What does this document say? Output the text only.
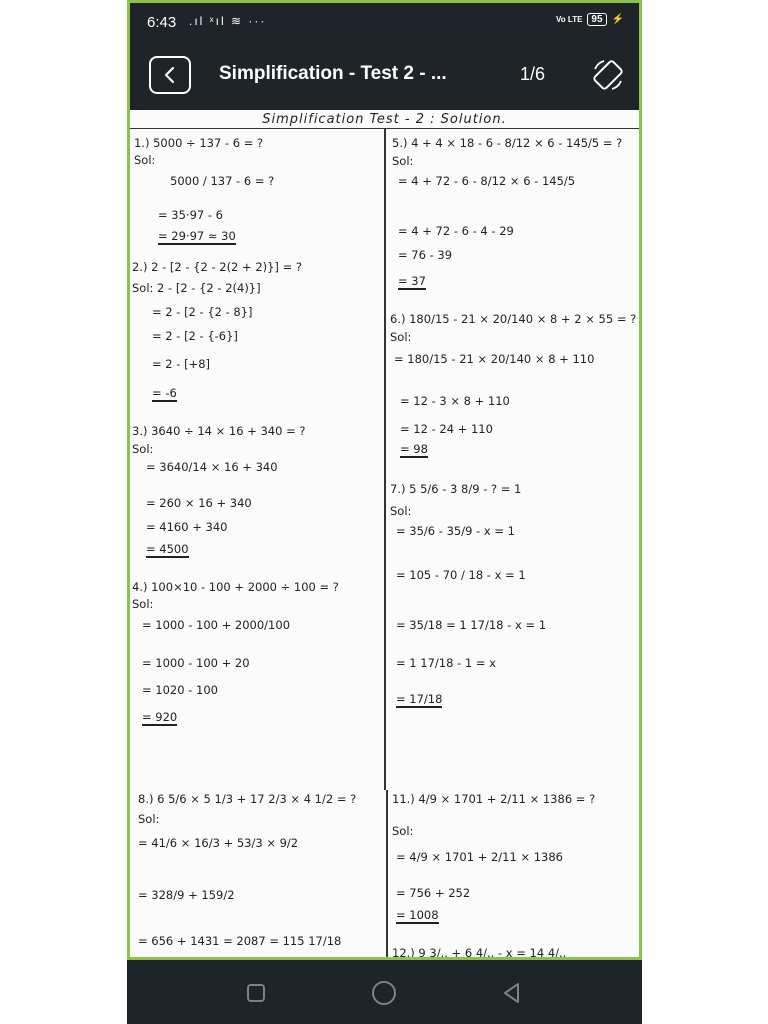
6:43 .ıl ˣıl ≋ ···	Vo LTE 95 ⚡
Simplification - Test 2 - ...	1/6
Simplification Test - 2 : Solution.
1.) 5000 ÷ 137 - 6 = ?
Sol:
5000 / 137 - 6 = ?
= 35·97 - 6
= 29·97 ≈ 30
2.) 2 - [2 - {2 - 2(2 + 2)}] = ?
Sol: 2 - [2 - {2 - 2(4)}]
= 2 - [2 - {2 - 8}]
= 2 - [2 - {-6}]
= 2 - [+8]
= -6
3.) 3640 ÷ 14 × 16 + 340 = ?
Sol:
= 3640/14 × 16 + 340
= 260 × 16 + 340
= 4160 + 340
= 4500
4.) 100×10 - 100 + 2000 ÷ 100 = ?
Sol:
= 1000 - 100 + 2000/100
= 1000 - 100 + 20
= 1020 - 100
= 920
8.) 6 5/6 × 5 1/3 + 17 2/3 × 4 1/2 = ?
Sol:
= 41/6 × 16/3 + 53/3 × 9/2
= 328/9 + 159/2
= 656 + 1431 = 2087 = 115 17/18
5.) 4 + 4 × 18 - 6 - 8/12 × 6 - 145/5 = ?
Sol:
= 4 + 72 - 6 - 8/12 × 6 - 145/5
= 4 + 72 - 6 - 4 - 29
= 76 - 39
= 37
6.) 180/15 - 21 × 20/140 × 8 + 2 × 55 = ?
Sol:
= 180/15 - 21 × 20/140 × 8 + 110
= 12 - 3 × 8 + 110
= 12 - 24 + 110
= 98
7.) 5 5/6 - 3 8/9 - ? = 1
Sol:
= 35/6 - 35/9 - x = 1
= 105 - 70 / 18 - x = 1
= 35/18 = 1 17/18 - x = 1
= 1 17/18 - 1 = x
= 17/18
11.) 4/9 × 1701 + 2/11 × 1386 = ?
Sol:
= 4/9 × 1701 + 2/11 × 1386
= 756 + 252
= 1008
12.) 9 3/.. + 6 4/.. - x = 14 4/..
